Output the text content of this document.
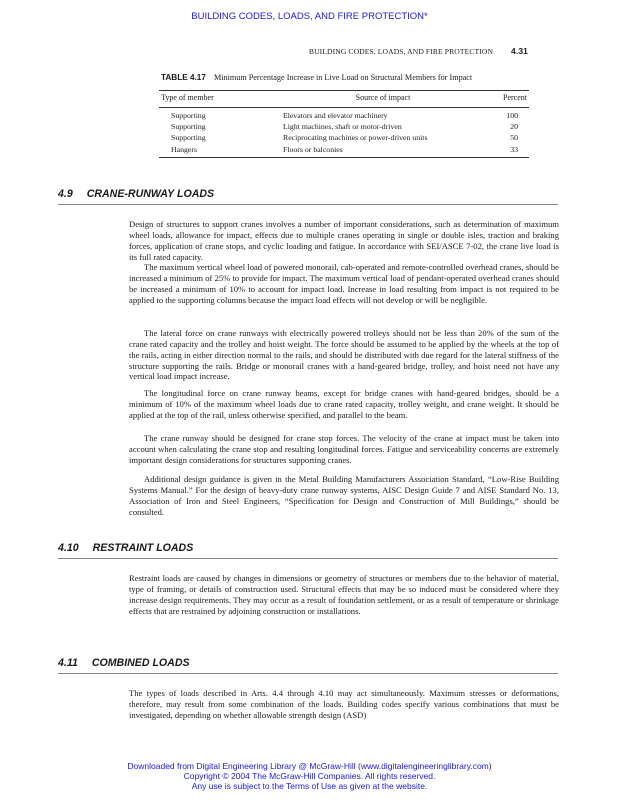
BUILDING CODES, LOADS, AND FIRE PROTECTION*
BUILDING CODES, LOADS, AND FIRE PROTECTION 4.31
TABLE 4.17 Minimum Percentage Increase in Live Load on Structural Members for Impact
Type of member	Source of impact	Percent
Supporting	Elevators and elevator machinery	100
Supporting	Light machines, shaft or motor-driven	20
Supporting	Reciprocating machines or power-driven units	50
Hangers	Floors or balconies	33
4.9 CRANE-RUNWAY LOADS

Design of structures to support cranes involves a number of important considerations, such as determination of maximum wheel loads, allowance for impact, effects due to multiple cranes operating in single or double isles, traction and braking forces, application of crane stops, and cyclic loading and fatigue. In accordance with SEI/ASCE 7-02, the crane live load is its full rated capacity.

The maximum vertical wheel load of powered monorail, cab-operated and remote-controlled overhead cranes, should be increased a minimum of 25% to provide for impact. The maximum vertical load of pendant-operated overhead cranes should be increased a minimum of 10% to account for impact load. Increase in load resulting from impact is not required to be applied to the supporting columns because the impact load effects will not develop or will be negligible.

The lateral force on crane runways with electrically powered trolleys should not be less than 20% of the sum of the crane rated capacity and the trolley and hoist weight. The force should be assumed to be applied by the wheels at the top of the rails, acting in either direction normal to the rails, and should be distributed with due regard for the lateral stiffness of the structure supporting the rails. Bridge or monorail cranes with a hand-geared bridge, trolley, and hoist need not have any vertical load impact increase.

The longitudinal force on crane runway beams, except for bridge cranes with hand-geared bridges, should be a minimum of 10% of the maximum wheel loads due to crane rated capacity, trolley weight, and crane weight. It should be applied at the top of the rail, unless otherwise specified, and parallel to the beam.

The crane runway should be designed for crane stop forces. The velocity of the crane at impact must be taken into account when calculating the crane stop and resulting longitudinal forces. Fatigue and serviceability concerns are extremely important design considerations for structures supporting cranes.

Additional design guidance is given in the Metal Building Manufacturers Association Standard, “Low-Rise Building Systems Manual.” For the design of heavy-duty crane runway systems, AISC Design Guide 7 and AISE Standard No. 13, Association of Iron and Steel Engineers, “Specification for Design and Construction of Mill Buildings,” should be consulted.

4.10 RESTRAINT LOADS

Restraint loads are caused by changes in dimensions or geometry of structures or members due to the behavior of material, type of framing, or details of construction used. Structural effects that may be so induced must be considered where they increase design requirements. They may occur as a result of foundation settlement, or as a result of temperature or shrinkage effects that are restrained by adjoining construction or installations.

4.11 COMBINED LOADS

The types of loads described in Arts. 4.4 through 4.10 may act simultaneously. Maximum stresses or deformations, therefore, may result from some combination of the loads. Building codes specify various combinations that must be investigated, depending on whether allowable strength design (ASD)

Downloaded from Digital Engineering Library @ McGraw-Hill (www.digitalengineeringlibrary.com)
Copyright © 2004 The McGraw-Hill Companies. All rights reserved.
Any use is subject to the Terms of Use as given at the website.
